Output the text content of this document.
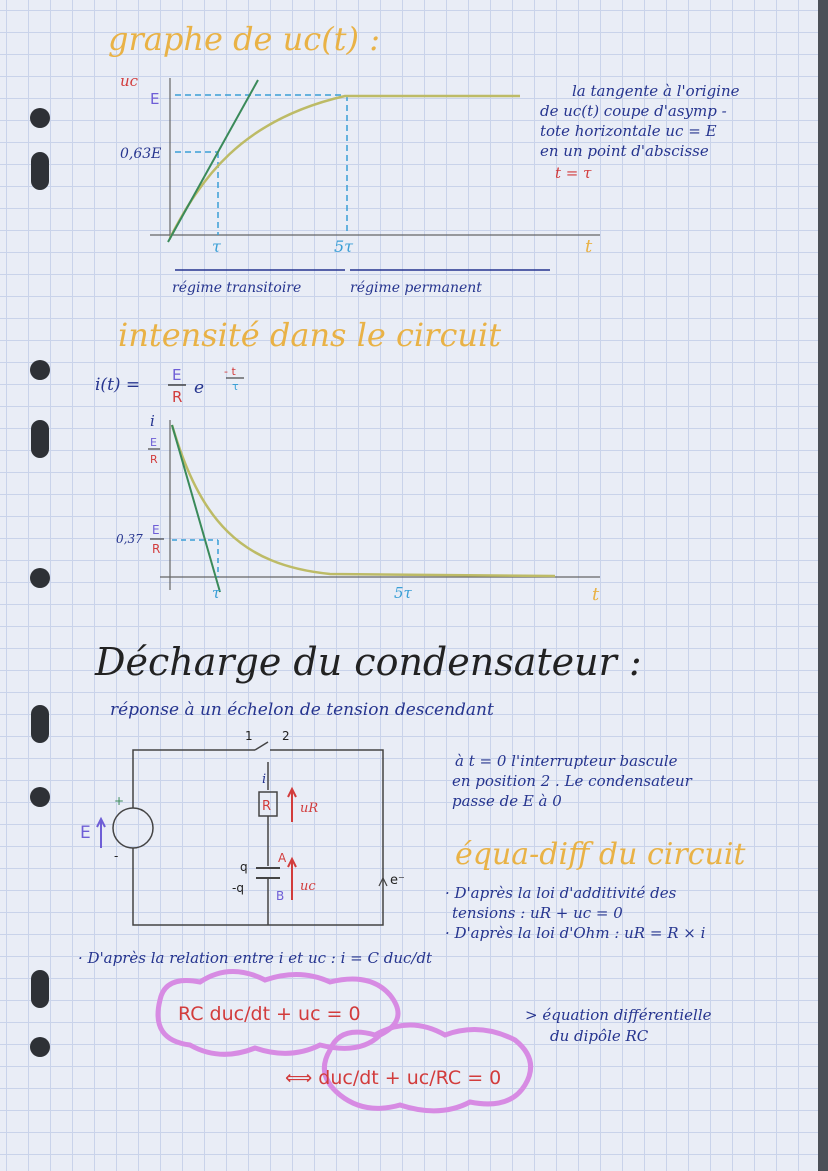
graphe de uc(t) :
uc
E
0,63E
τ	5τ	t
régime transitoire	régime permanent
la tangente à l'origine
de uc(t) coupe d'asymp -
tote horizontale uc = E
en un point d'abscisse
t = τ
intensité dans le circuit
i(t) = E
R e
- t
τ
i
E
R
0,37
E
R
τ	5τ	t
Décharge du condensateur :
réponse à un échelon de tension descendant
1 2
i
R uR
E
+
-
q
-q
A
B
uc	e⁻
à t = 0 l'interrupteur bascule
en position 2 . Le condensateur
passe de E à 0
équa-diff du circuit
· D'après la loi d'additivité des
tensions : uR + uc = 0
· D'après la loi d'Ohm : uR = R × i
· D'après la relation entre i et uc : i = C duc/dt
RC duc/dt + uc = 0
⟺ duc/dt + uc/RC = 0
> équation différentielle
du dipôle RC
